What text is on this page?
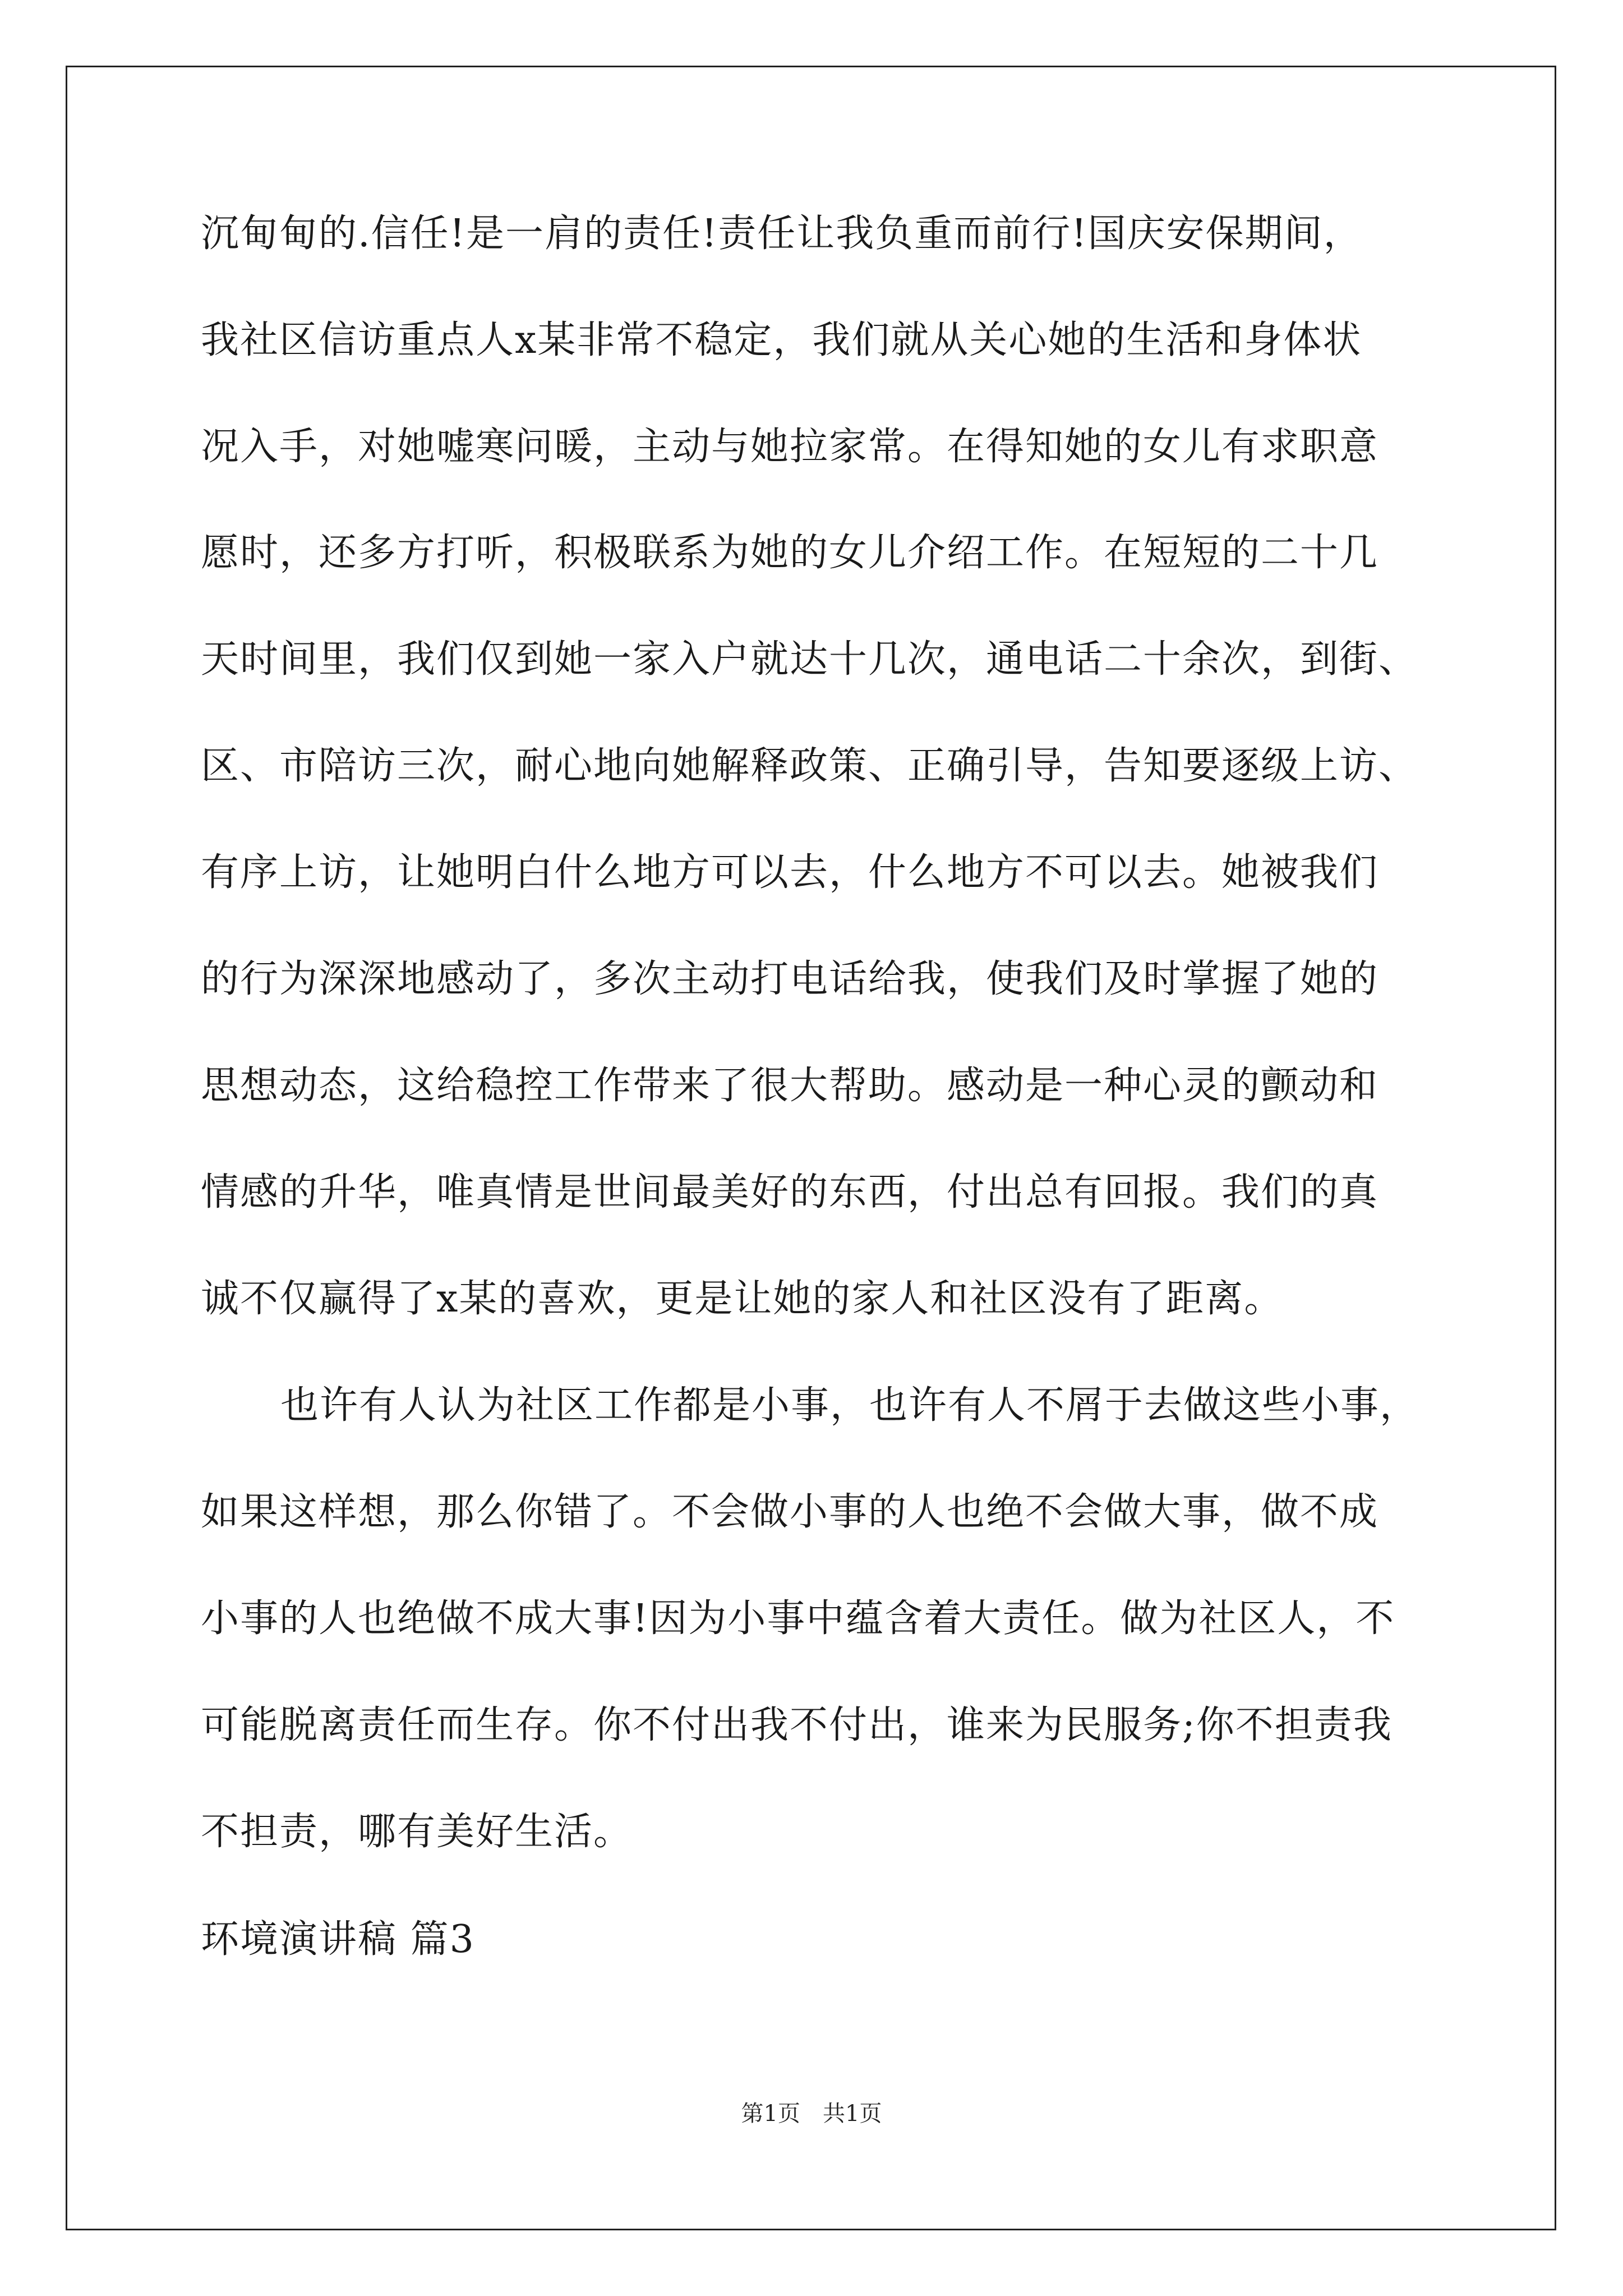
沉甸甸的.信任!是一肩的责任!责任让我负重而前行!国庆安保期间，
我社区信访重点人x某非常不稳定，我们就从关心她的生活和身体状
况入手，对她嘘寒问暖，主动与她拉家常。在得知她的女儿有求职意
愿时，还多方打听，积极联系为她的女儿介绍工作。在短短的二十几
天时间里，我们仅到她一家入户就达十几次，通电话二十余次，到街、
区、市陪访三次，耐心地向她解释政策、正确引导，告知要逐级上访、
有序上访，让她明白什么地方可以去，什么地方不可以去。她被我们
的行为深深地感动了，多次主动打电话给我，使我们及时掌握了她的
思想动态，这给稳控工作带来了很大帮助。感动是一种心灵的颤动和
情感的升华，唯真情是世间最美好的东西，付出总有回报。我们的真
诚不仅赢得了x某的喜欢，更是让她的家人和社区没有了距离。
也许有人认为社区工作都是小事，也许有人不屑于去做这些小事，
如果这样想，那么你错了。不会做小事的人也绝不会做大事，做不成
小事的人也绝做不成大事!因为小事中蕴含着大责任。做为社区人，不
可能脱离责任而生存。你不付出我不付出，谁来为民服务;你不担责我
不担责，哪有美好生活。
环境演讲稿 篇3
第1页　共1页
